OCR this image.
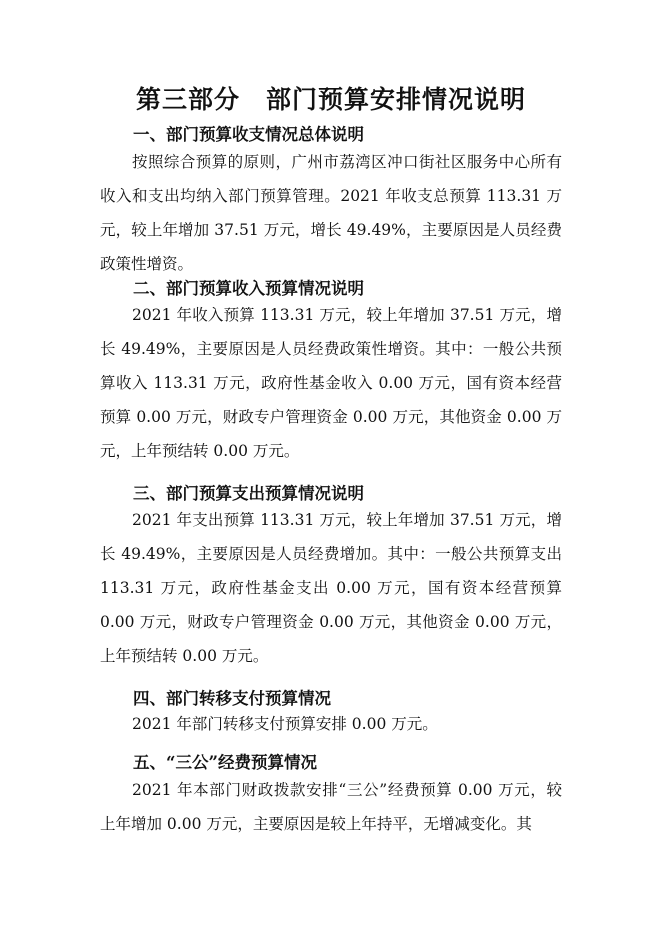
第三部分　部门预算安排情况说明
一、部门预算收支情况总体说明

按照综合预算的原则，广州市荔湾区冲口街社区服务中心所有收入和支出均纳入部门预算管理。2021 年收支总预算 113.31 万元，较上年增加 37.51 万元，增长 49.49%，主要原因是人员经费政策性增资。

二、部门预算收入预算情况说明

2021 年收入预算 113.31 万元，较上年增加 37.51 万元，增长 49.49%，主要原因是人员经费政策性增资。其中：一般公共预算收入 113.31 万元，政府性基金收入 0.00 万元，国有资本经营预算 0.00 万元，财政专户管理资金 0.00 万元，其他资金 0.00 万元，上年预结转 0.00 万元。

三、部门预算支出预算情况说明

2021 年支出预算 113.31 万元，较上年增加 37.51 万元，增长 49.49%，主要原因是人员经费增加。其中：一般公共预算支出 113.31 万元，政府性基金支出 0.00 万元，国有资本经营预算 0.00 万元，财政专户管理资金 0.00 万元，其他资金 0.00 万元，上年预结转 0.00 万元。

四、部门转移支付预算情况

2021 年部门转移支付预算安排 0.00 万元。

五、“三公”经费预算情况

2021 年本部门财政拨款安排“三公”经费预算 0.00 万元，较上年增加 0.00 万元，主要原因是较上年持平，无增减变化。其
